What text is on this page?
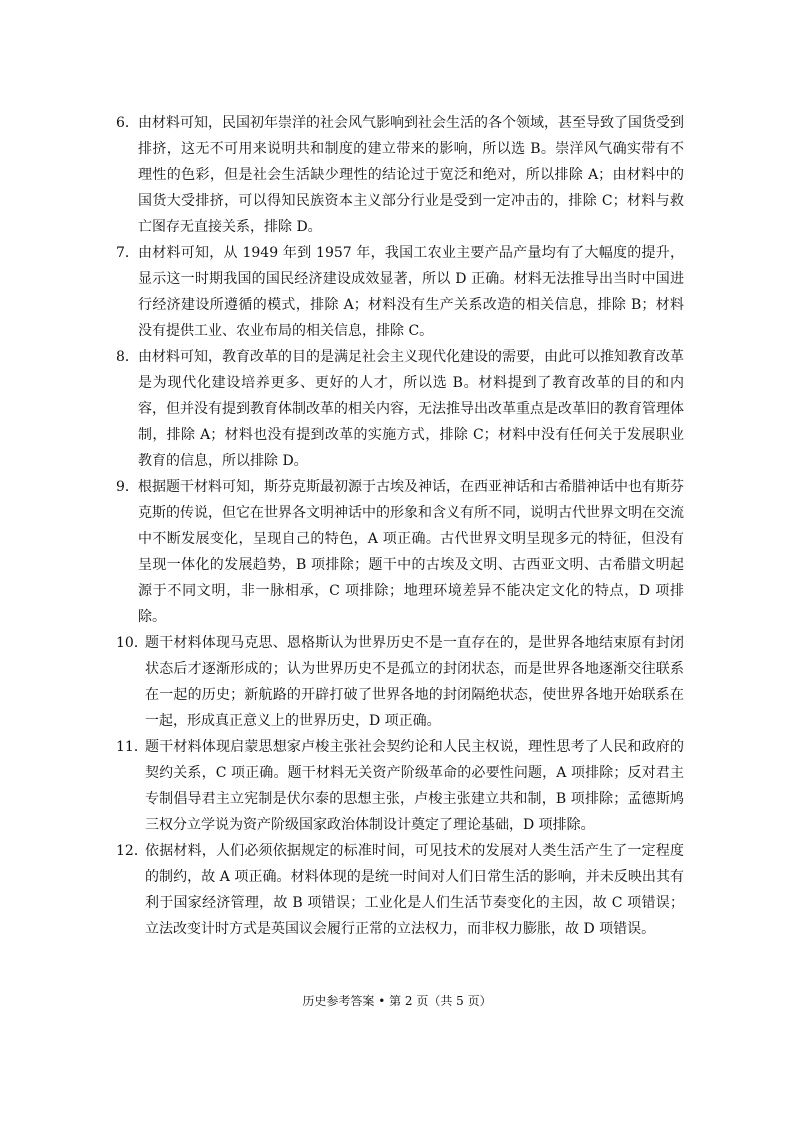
6． 由材料可知，民国初年崇洋的社会风气影响到社会生活的各个领域，甚至导致了国货受到排挤，这无不可用来说明共和制度的建立带来的影响，所以选 B。崇洋风气确实带有不理性的色彩，但是社会生活缺少理性的结论过于宽泛和绝对，所以排除 A；由材料中的国货大受排挤，可以得知民族资本主义部分行业是受到一定冲击的，排除 C；材料与救亡图存无直接关系，排除 D。
7． 由材料可知，从 1949 年到 1957 年，我国工农业主要产品产量均有了大幅度的提升，显示这一时期我国的国民经济建设成效显著，所以 D 正确。材料无法推导出当时中国进行经济建设所遵循的模式，排除 A；材料没有生产关系改造的相关信息，排除 B；材料没有提供工业、农业布局的相关信息，排除 C。
8． 由材料可知，教育改革的目的是满足社会主义现代化建设的需要，由此可以推知教育改革是为现代化建设培养更多、更好的人才，所以选 B。材料提到了教育改革的目的和内容，但并没有提到教育体制改革的相关内容，无法推导出改革重点是改革旧的教育管理体制，排除 A；材料也没有提到改革的实施方式，排除 C；材料中没有任何关于发展职业教育的信息，所以排除 D。
9． 根据题干材料可知，斯芬克斯最初源于古埃及神话，在西亚神话和古希腊神话中也有斯芬克斯的传说，但它在世界各文明神话中的形象和含义有所不同，说明古代世界文明在交流中不断发展变化，呈现自己的特色，A 项正确。古代世界文明呈现多元的特征，但没有呈现一体化的发展趋势，B 项排除；题干中的古埃及文明、古西亚文明、古希腊文明起源于不同文明，非一脉相承，C 项排除；地理环境差异不能决定文化的特点，D 项排除。
10．
题干材料体现马克思、恩格斯认为世界历史不是一直存在的，是世界各地结束原有封闭状态后才逐渐形成的；认为世界历史不是孤立的封闭状态，而是世界各地逐渐交往联系在一起的历史；新航路的开辟打破了世界各地的封闭隔绝状态，使世界各地开始联系在一起，形成真正意义上的世界历史，D 项正确。
11．
题干材料体现启蒙思想家卢梭主张社会契约论和人民主权说，理性思考了人民和政府的契约关系，C 项正确。题干材料无关资产阶级革命的必要性问题，A 项排除；反对君主专制倡导君主立宪制是伏尔泰的思想主张，卢梭主张建立共和制，B 项排除；孟德斯鸠三权分立学说为资产阶级国家政治体制设计奠定了理论基础，D 项排除。
12．
依据材料，人们必须依据规定的标准时间，可见技术的发展对人类生活产生了一定程度的制约，故 A 项正确。材料体现的是统一时间对人们日常生活的影响，并未反映出其有利于国家经济管理，故 B 项错误；工业化是人们生活节奏变化的主因，故 C 项错误；立法改变计时方式是英国议会履行正常的立法权力，而非权力膨胀，故 D 项错误。
历史参考答案 • 第 2 页（共 5 页）
